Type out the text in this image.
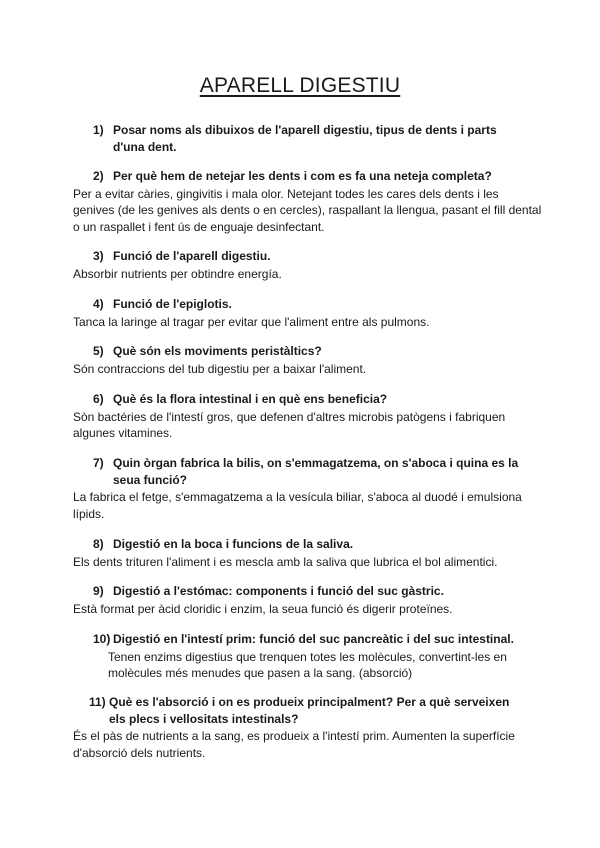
APARELL DIGESTIU
1) Posar noms als dibuixos de l'aparell digestiu, tipus de dents i parts d'una dent.
2) Per què hem de netejar les dents i com es fa una neteja completa?
Per a evitar càries, gingivitis i mala olor. Netejant todes les cares dels dents i les genives (de les genives als dents o en cercles), raspallant la llengua, pasant el fill dental o un raspallet i fent ús de enguaje desinfectant.
3) Funció de l'aparell digestiu.
Absorbir nutrients per obtindre energía.
4) Funció de l'epiglotis.
Tanca la laringe al tragar per evitar que l'aliment entre als pulmons.
5) Què són els moviments peristàltics?
Són contraccions del tub digestiu per a baixar l'aliment.
6) Què és la flora intestinal i en què ens beneficia?
Sòn bactéries de l'intestí gros, que defenen d'altres microbis patògens i fabriquen algunes vitamines.
7) Quin òrgan fabrica la bilis, on s'emmagatzema, on s'aboca i quina es la seua funció?
La fabrica el fetge, s'emmagatzema a la vesícula biliar, s'aboca al duodé i emulsiona lípids.
8) Digestió en la boca i funcions de la saliva.
Els dents trituren l'aliment i es mescla amb la saliva que lubrica el bol alimentici.
9) Digestió a l'estómac: components i funció del suc gàstric.
Està format per àcid cloridic i enzim, la seua funció és digerir proteïnes.
10) Digestió en l'intestí prim: funció del suc pancreàtic i del suc intestinal.
Tenen enzims digestius que trenquen totes les molècules, convertint-les en molècules més menudes que pasen a la sang. (absorció)
11) Què es l'absorció i on es produeix principalment? Per a què serveixen els plecs i vellositats intestinals?
És el pàs de nutrients a la sang, es produeix a l'intestí prim. Aumenten la superfície d'absorció dels nutrients.
